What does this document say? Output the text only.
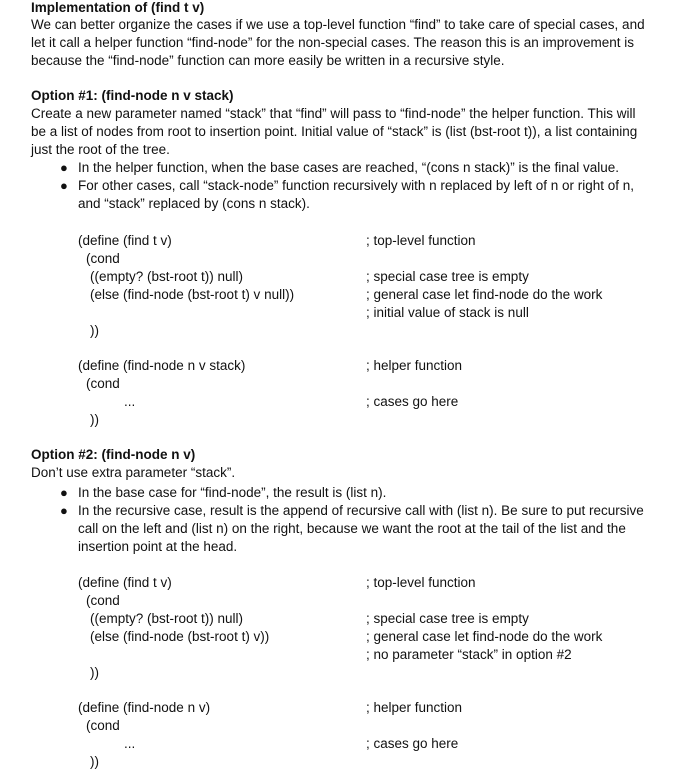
Implementation of (find t v)
We can better organize the cases if we use a top-level function “find” to take care of special cases, and
let it call a helper function “find-node” for the non-special cases. The reason this is an improvement is
because the “find-node” function can more easily be written in a recursive style.
Option #1: (find-node n v stack)
Create a new parameter named “stack” that “find” will pass to “find-node” the helper function. This will
be a list of nodes from root to insertion point. Initial value of “stack” is (list (bst-root t)), a list containing
just the root of the tree.
● In the helper function, when the base cases are reached, “(cons n stack)” is the final value.
● For other cases, call “stack-node” function recursively with n replaced by left of n or right of n,
and “stack” replaced by (cons n stack).
(define (find t v)
(cond
((empty? (bst-root t)) null)
(else (find-node (bst-root t) v null))
))
; top-level function
; special case tree is empty
; general case let find-node do the work
; initial value of stack is null
(define (find-node n v stack)
(cond
...
))
; helper function
; cases go here
Option #2: (find-node n v)
Don’t use extra parameter “stack”.
● In the base case for “find-node”, the result is (list n).
● In the recursive case, result is the append of recursive call with (list n). Be sure to put recursive
call on the left and (list n) on the right, because we want the root at the tail of the list and the
insertion point at the head.
(define (find t v)
(cond
((empty? (bst-root t)) null)
(else (find-node (bst-root t) v))
))
; top-level function
; special case tree is empty
; general case let find-node do the work
; no parameter “stack” in option #2
(define (find-node n v)
(cond
...
))
; helper function
; cases go here
